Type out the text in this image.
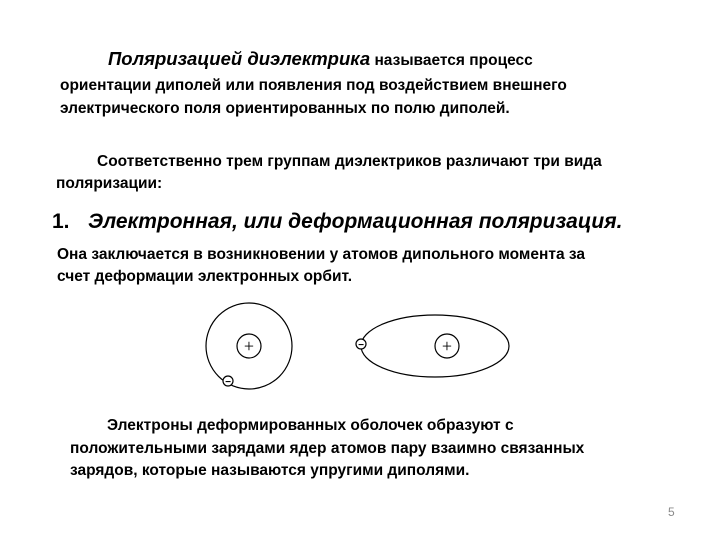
Поляризацией диэлектрика называется процесс
ориентации диполей или появления под воздействием внешнего
электрического поля ориентированных по полю диполей.
Соответственно трем группам диэлектриков различают три вида
поляризации:
1. Электронная, или деформационная поляризация.
Она заключается в возникновении у атомов дипольного момента за
счет деформации электронных орбит.
+
−
+
−
Электроны деформированных оболочек образуют с
положительными зарядами ядер атомов пару взаимно связанных
зарядов, которые называются упругими диполями.
5
